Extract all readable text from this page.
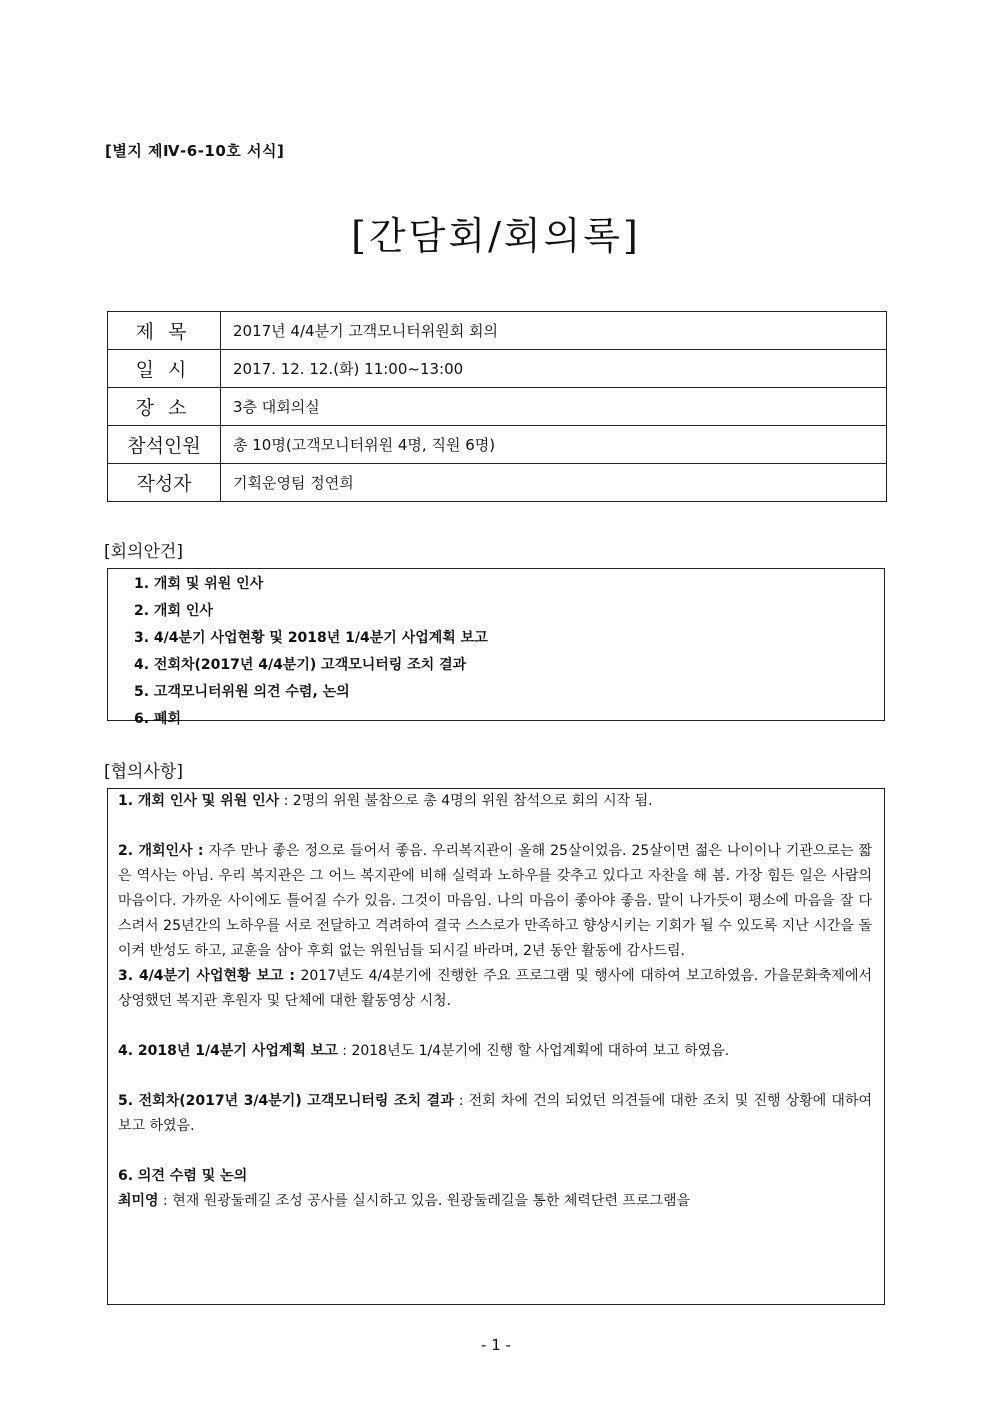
[별지 제Ⅳ-6-10호 서식]
[간담회/회의록]
제목	2017년 4/4분기 고객모니터위원회 회의
일시	2017. 12. 12.(화) 11:00~13:00
장소	3층 대회의실
참석인원	총 10명(고객모니터위원 4명, 직원 6명)
작성자	기획운영팀 정연희
[회의안건]
1. 개회 및 위원 인사
2. 개회 인사
3. 4/4분기 사업현황 및 2018년 1/4분기 사업계획 보고
4. 전회차(2017년 4/4분기) 고객모니터링 조치 결과
5. 고객모니터위원 의견 수렴, 논의
6. 폐회
[협의사항]

1. 개회 인사 및 위원 인사 : 2명의 위원 불참으로 총 4명의 위원 참석으로 회의 시작 됨.

2. 개회인사 : 자주 만나 좋은 정으로 들어서 좋음. 우리복지관이 올해 25살이었음. 25살이면 젊은 나이이나 기관으로는 짧은 역사는 아님. 우리 복지관은 그 어느 복지관에 비해 실력과 노하우를 갖추고 있다고 자찬을 해 봄. 가장 힘든 일은 사람의 마음이다. 가까운 사이에도 틀어질 수가 있음. 그것이 마음임. 나의 마음이 좋아야 좋음. 말이 나가듯이 평소에 마음을 잘 다스려서 25년간의 노하우를 서로 전달하고 격려하여 결국 스스로가 만족하고 향상시키는 기회가 될 수 있도록 지난 시간을 돌이켜 반성도 하고, 교훈을 삼아 후회 없는 위원님들 되시길 바라며, 2년 동안 활동에 감사드림.

3. 4/4분기 사업현황 보고 : 2017년도 4/4분기에 진행한 주요 프로그램 및 행사에 대하여 보고하였음. 가을문화축제에서 상영했던 복지관 후원자 및 단체에 대한 활동영상 시청.

4. 2018년 1/4분기 사업계획 보고 : 2018년도 1/4분기에 진행 할 사업계획에 대하여 보고 하였음.

5. 전회차(2017년 3/4분기) 고객모니터링 조치 결과 : 전회 차에 건의 되었던 의견들에 대한 조치 및 진행 상황에 대하여 보고 하였음.

6. 의견 수렴 및 논의

최미영 : 현재 원광둘레길 조성 공사를 실시하고 있음. 원광둘레길을 통한 체력단련 프로그램을

- 1 -
